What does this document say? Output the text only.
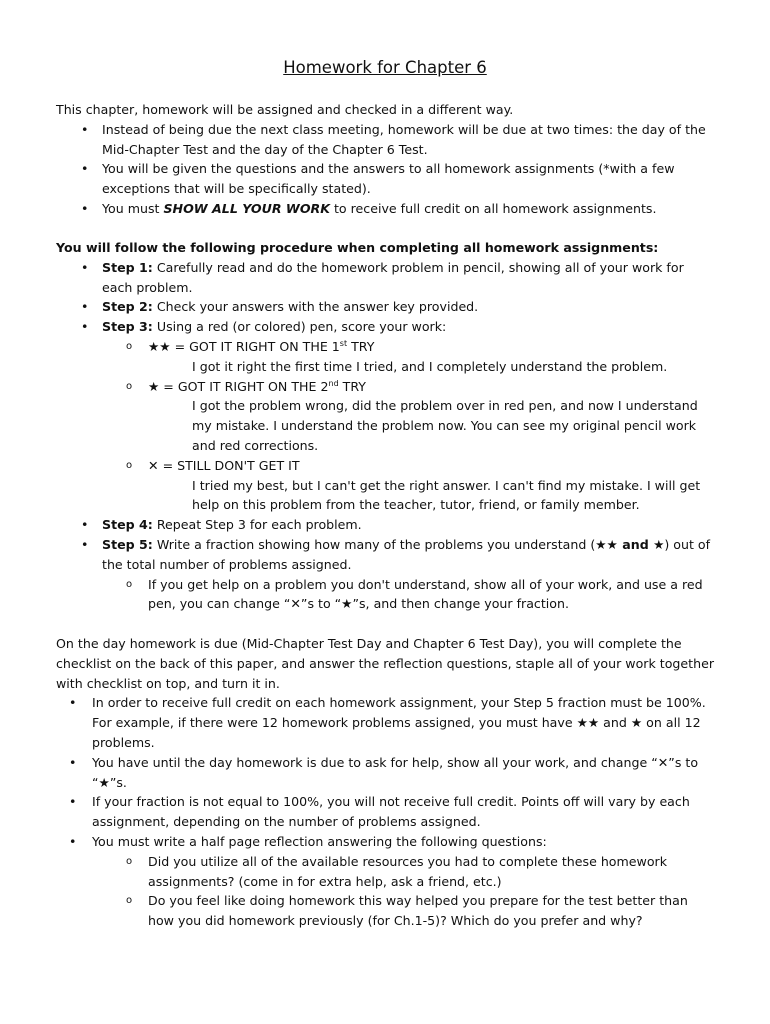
Homework for Chapter 6

This chapter, homework will be assigned and checked in a different way.

• Instead of being due the next class meeting, homework will be due at two times: the day of the Mid-Chapter Test and the day of the Chapter 6 Test.
• You will be given the questions and the answers to all homework assignments (*with a few exceptions that will be specifically stated).
• You must SHOW ALL YOUR WORK to receive full credit on all homework assignments.

You will follow the following procedure when completing all homework assignments:

• Step 1: Carefully read and do the homework problem in pencil, showing all of your work for each problem.
• Step 2: Check your answers with the answer key provided.
• Step 3: Using a red (or colored) pen, score your work:
o ★★ = GOT IT RIGHT ON THE 1st TRY
I got it right the first time I tried, and I completely understand the problem.
o ★ = GOT IT RIGHT ON THE 2nd TRY
I got the problem wrong, did the problem over in red pen, and now I understand my mistake. I understand the problem now. You can see my original pencil work and red corrections.
o ✕ = STILL DON'T GET IT
I tried my best, but I can't get the right answer. I can't find my mistake. I will get help on this problem from the teacher, tutor, friend, or family member.
• Step 4: Repeat Step 3 for each problem.
• Step 5: Write a fraction showing how many of the problems you understand (★★ and ★) out of the total number of problems assigned.
o If you get help on a problem you don't understand, show all of your work, and use a red pen, you can change “✕”s to “★”s, and then change your fraction.

On the day homework is due (Mid-Chapter Test Day and Chapter 6 Test Day), you will complete the checklist on the back of this paper, and answer the reflection questions, staple all of your work together with checklist on top, and turn it in.

• In order to receive full credit on each homework assignment, your Step 5 fraction must be 100%. For example, if there were 12 homework problems assigned, you must have ★★ and ★ on all 12 problems.
• You have until the day homework is due to ask for help, show all your work, and change “✕”s to “★”s.
• If your fraction is not equal to 100%, you will not receive full credit. Points off will vary by each assignment, depending on the number of problems assigned.
• You must write a half page reflection answering the following questions:
o Did you utilize all of the available resources you had to complete these homework assignments? (come in for extra help, ask a friend, etc.)
o Do you feel like doing homework this way helped you prepare for the test better than how you did homework previously (for Ch.1-5)? Which do you prefer and why?
